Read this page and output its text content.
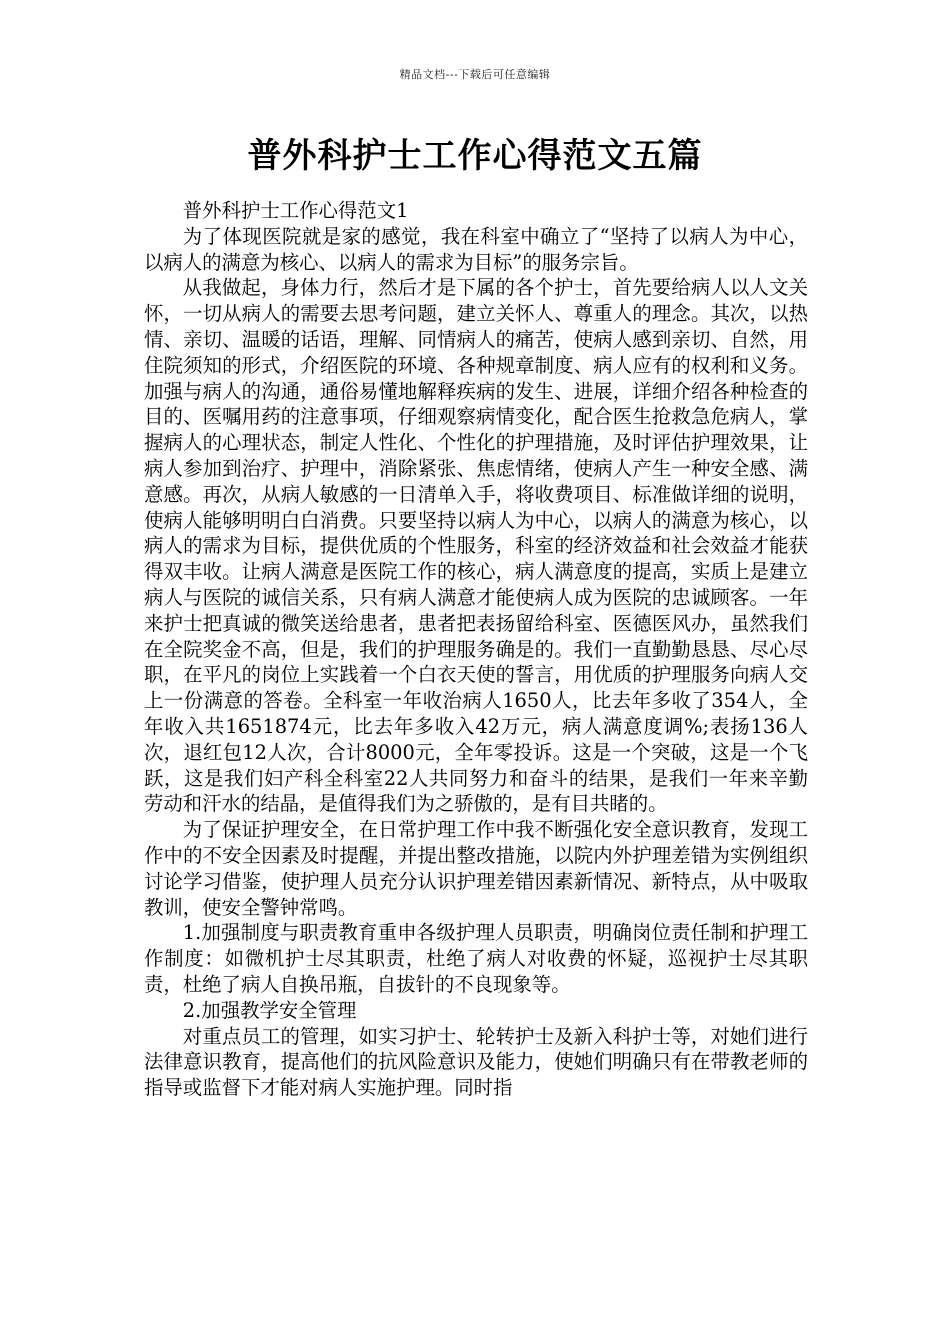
精品文档---下载后可任意编辑
普外科护士工作心得范文五篇

普外科护士工作心得范文1

为了体现医院就是家的感觉，我在科室中确立了“坚持了以病人为中心，以病人的满意为核心、以病人的需求为目标”的服务宗旨。

从我做起，身体力行，然后才是下属的各个护士，首先要给病人以人文关怀，一切从病人的需要去思考问题，建立关怀人、尊重人的理念。其次，以热情、亲切、温暖的话语，理解、同情病人的痛苦，使病人感到亲切、自然，用住院须知的形式，介绍医院的环境、各种规章制度、病人应有的权利和义务。加强与病人的沟通，通俗易懂地解释疾病的发生、进展，详细介绍各种检查的目的、医嘱用药的注意事项，仔细观察病情变化，配合医生抢救急危病人，掌握病人的心理状态，制定人性化、个性化的护理措施，及时评估护理效果，让病人参加到治疗、护理中，消除紧张、焦虑情绪，使病人产生一种安全感、满意感。再次，从病人敏感的一日清单入手，将收费项目、标准做详细的说明，使病人能够明明白白消费。只要坚持以病人为中心，以病人的满意为核心，以病人的需求为目标，提供优质的个性服务，科室的经济效益和社会效益才能获得双丰收。让病人满意是医院工作的核心，病人满意度的提高，实质上是建立病人与医院的诚信关系，只有病人满意才能使病人成为医院的忠诚顾客。一年来护士把真诚的微笑送给患者，患者把表扬留给科室、医德医风办，虽然我们在全院奖金不高，但是，我们的护理服务确是的。我们一直勤勤恳恳、尽心尽职，在平凡的岗位上实践着一个白衣天使的誓言，用优质的护理服务向病人交上一份满意的答卷。全科室一年收治病人1650人，比去年多收了354人，全年收入共1651874元，比去年多收入42万元，病人满意度调%;表扬136人次，退红包12人次，合计8000元，全年零投诉。这是一个突破，这是一个飞跃，这是我们妇产科全科室22人共同努力和奋斗的结果，是我们一年来辛勤劳动和汗水的结晶，是值得我们为之骄傲的，是有目共睹的。

为了保证护理安全，在日常护理工作中我不断强化安全意识教育，发现工作中的不安全因素及时提醒，并提出整改措施，以院内外护理差错为实例组织讨论学习借鉴，使护理人员充分认识护理差错因素新情况、新特点，从中吸取教训，使安全警钟常鸣。

1.加强制度与职责教育重申各级护理人员职责，明确岗位责任制和护理工作制度：如微机护士尽其职责，杜绝了病人对收费的怀疑，巡视护士尽其职责，杜绝了病人自换吊瓶，自拔针的不良现象等。

2.加强教学安全管理

对重点员工的管理，如实习护士、轮转护士及新入科护士等，对她们进行法律意识教育，提高他们的抗风险意识及能力，使她们明确只有在带教老师的指导或监督下才能对病人实施护理。同时指
